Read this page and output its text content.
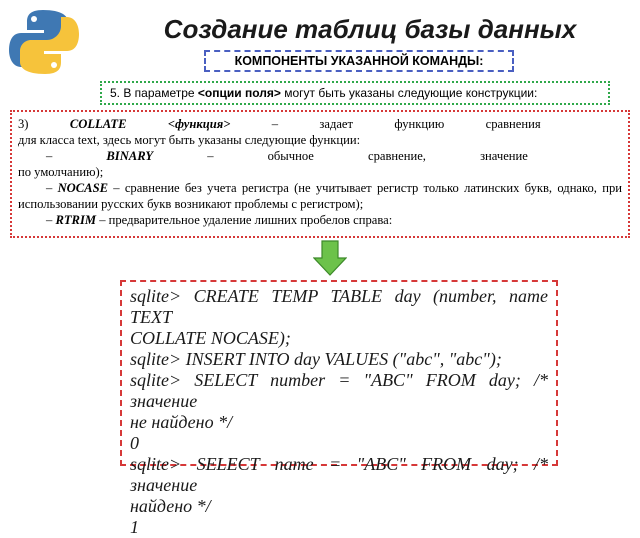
Создание таблиц базы данных
КОМПОНЕНТЫ УКАЗАННОЙ КОМАНДЫ:
5. В параметре <опции поля> могут быть указаны следующие конструкции:
3)	COLLATE	<функция>	–	задает	функцию	сравнения

для класса text, здесь могут быть указаны следующие функции:

–	BINARY	–	обычное	сравнение,	значение

по умолчанию);

– NOCASE – сравнение без учета регистра (не учитывает регистр только латинских букв, однако, при использовании русских букв возникают проблемы с регистром);

– RTRIM – предварительное удаление лишних пробелов справа:

sqlite> CREATE TEMP TABLE day (number, name TEXT
COLLATE NOCASE);
sqlite> INSERT INTO day VALUES ("abc", "abc");
sqlite> SELECT number = "ABC" FROM day; /* значение
не найдено */
0
sqlite> SELECT name = "ABC" FROM day; /* значение
найдено */
1
